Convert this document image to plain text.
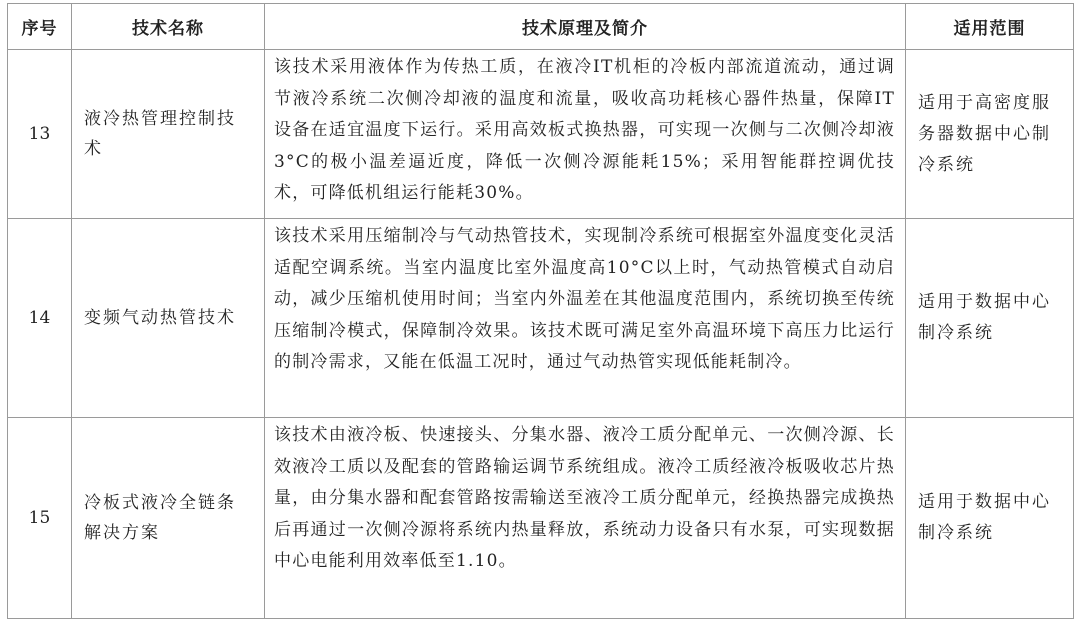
序号	技术名称	技术原理及简介	适用范围
13	液冷热管理控制技术	该技术采用液体作为传热工质，在液冷IT机柜的冷板内部流道流动，通过调节液冷系统二次侧冷却液的温度和流量，吸收高功耗核心器件热量，保障IT设备在适宜温度下运行。采用高效板式换热器，可实现一次侧与二次侧冷却液3°C的极小温差逼近度，降低一次侧冷源能耗15%；采用智能群控调优技术，可降低机组运行能耗30%。	适用于高密度服务器数据中心制冷系统
14	变频气动热管技术	该技术采用压缩制冷与气动热管技术，实现制冷系统可根据室外温度变化灵活适配空调系统。当室内温度比室外温度高10°C以上时，气动热管模式自动启动，减少压缩机使用时间；当室内外温差在其他温度范围内，系统切换至传统压缩制冷模式，保障制冷效果。该技术既可满足室外高温环境下高压力比运行的制冷需求，又能在低温工况时，通过气动热管实现低能耗制冷。	适用于数据中心制冷系统
15	冷板式液冷全链条解决方案	该技术由液冷板、快速接头、分集水器、液冷工质分配单元、一次侧冷源、长效液冷工质以及配套的管路输运调节系统组成。液冷工质经液冷板吸收芯片热量，由分集水器和配套管路按需输送至液冷工质分配单元，经换热器完成换热后再通过一次侧冷源将系统内热量释放，系统动力设备只有水泵，可实现数据中心电能利用效率低至1.10。	适用于数据中心制冷系统
